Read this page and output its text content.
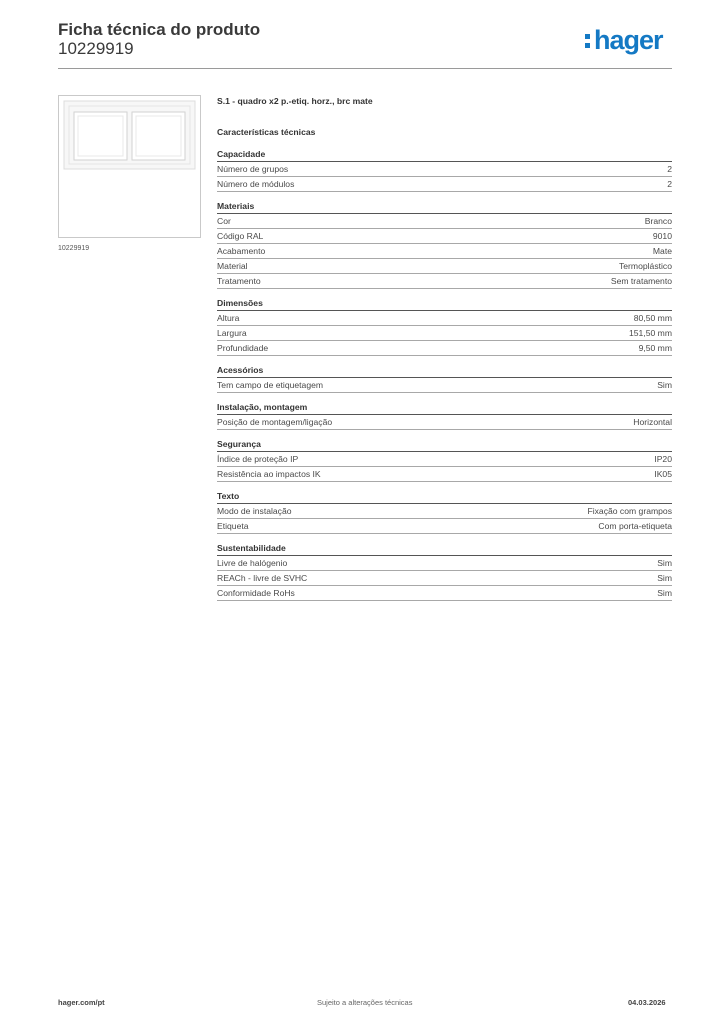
Ficha técnica do produto
10229919	hager
10229919
S.1 - quadro x2 p.-etiq. horz., brc mate
Características técnicas
Capacidade
Número de grupos	2
Número de módulos	2
Materiais
Cor	Branco
Código RAL	9010
Acabamento	Mate
Material	Termoplástico
Tratamento	Sem tratamento
Dimensões
Altura	80,50 mm
Largura	151,50 mm
Profundidade	9,50 mm
Acessórios
Tem campo de etiquetagem	Sim
Instalação, montagem
Posição de montagem/ligação	Horizontal
Segurança
Índice de proteção IP	IP20
Resistência ao impactos IK	IK05
Texto
Modo de instalação	Fixação com grampos
Etiqueta	Com porta-etiqueta
Sustentabilidade
Livre de halógenio	Sim
REACh - livre de SVHC	Sim
Conformidade RoHs	Sim
hager.com/pt	Sujeito a alterações técnicas	04.03.2026
